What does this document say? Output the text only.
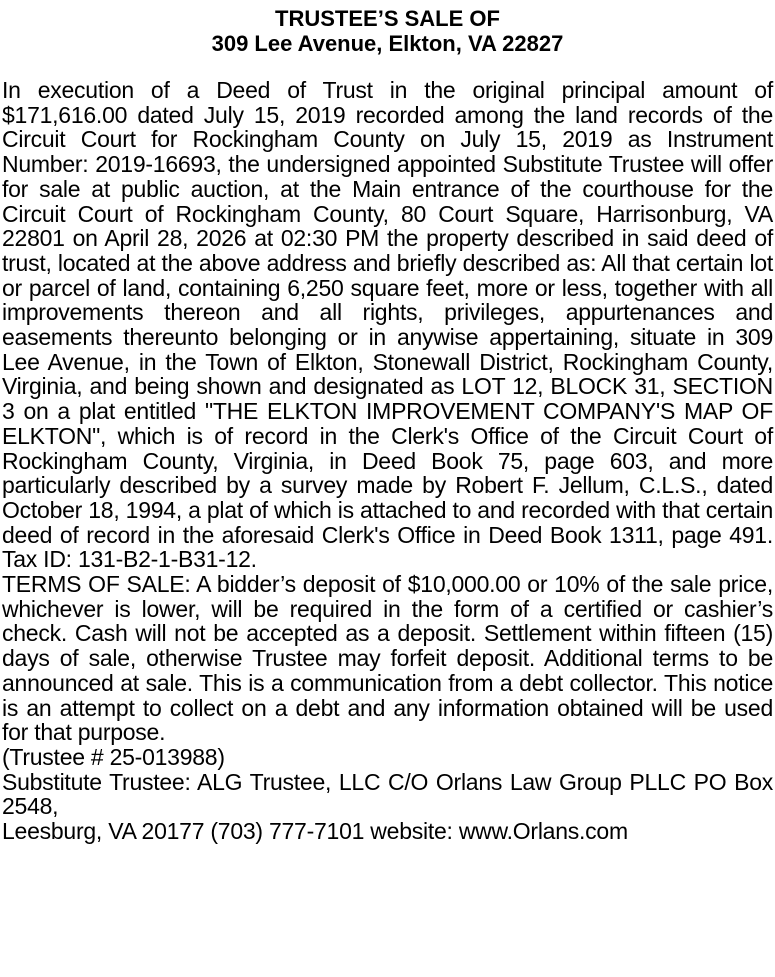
TRUSTEE’S SALE OF
309 Lee Avenue, Elkton, VA 22827

In execution of a Deed of Trust in the original principal amount of $171,616.00 dated July 15, 2019 recorded among the land records of the Circuit Court for Rockingham County on July 15, 2019 as Instrument Number: 2019-16693, the undersigned appointed Substitute Trustee will offer for sale at public auction, at the Main entrance of the courthouse for the Circuit Court of Rockingham County, 80 Court Square, Harrisonburg, VA 22801 on April 28, 2026 at 02:30 PM the property described in said deed of trust, located at the above address and briefly described as: All that certain lot or parcel of land, containing 6,250 square feet, more or less, together with all improvements thereon and all rights, privileges, appurtenances and easements thereunto belonging or in anywise appertaining, situate in 309 Lee Avenue, in the Town of Elkton, Stonewall District, Rockingham County, Virginia, and being shown and designated as LOT 12, BLOCK 31, SECTION 3 on a plat entitled "THE ELKTON IMPROVEMENT COMPANY'S MAP OF ELKTON", which is of record in the Clerk's Office of the Circuit Court of Rockingham County, Virginia, in Deed Book 75, page 603, and more particularly described by a survey made by Robert F. Jellum, C.L.S., dated October 18, 1994, a plat of which is attached to and recorded with that certain deed of record in the aforesaid Clerk's Office in Deed Book 1311, page 491. Tax ID: 131-B2-1-B31-12.

TERMS OF SALE: A bidder’s deposit of $10,000.00 or 10% of the sale price, whichever is lower, will be required in the form of a certified or cashier’s check. Cash will not be accepted as a deposit. Settlement within fifteen (15) days of sale, otherwise Trustee may forfeit deposit. Additional terms to be announced at sale. This is a communication from a debt collector. This notice is an attempt to collect on a debt and any information obtained will be used for that purpose.

(Trustee # 25-013988)
Substitute Trustee: ALG Trustee, LLC C/O Orlans Law Group PLLC PO Box 2548,
Leesburg, VA 20177 (703) 777-7101 website: www.Orlans.com
